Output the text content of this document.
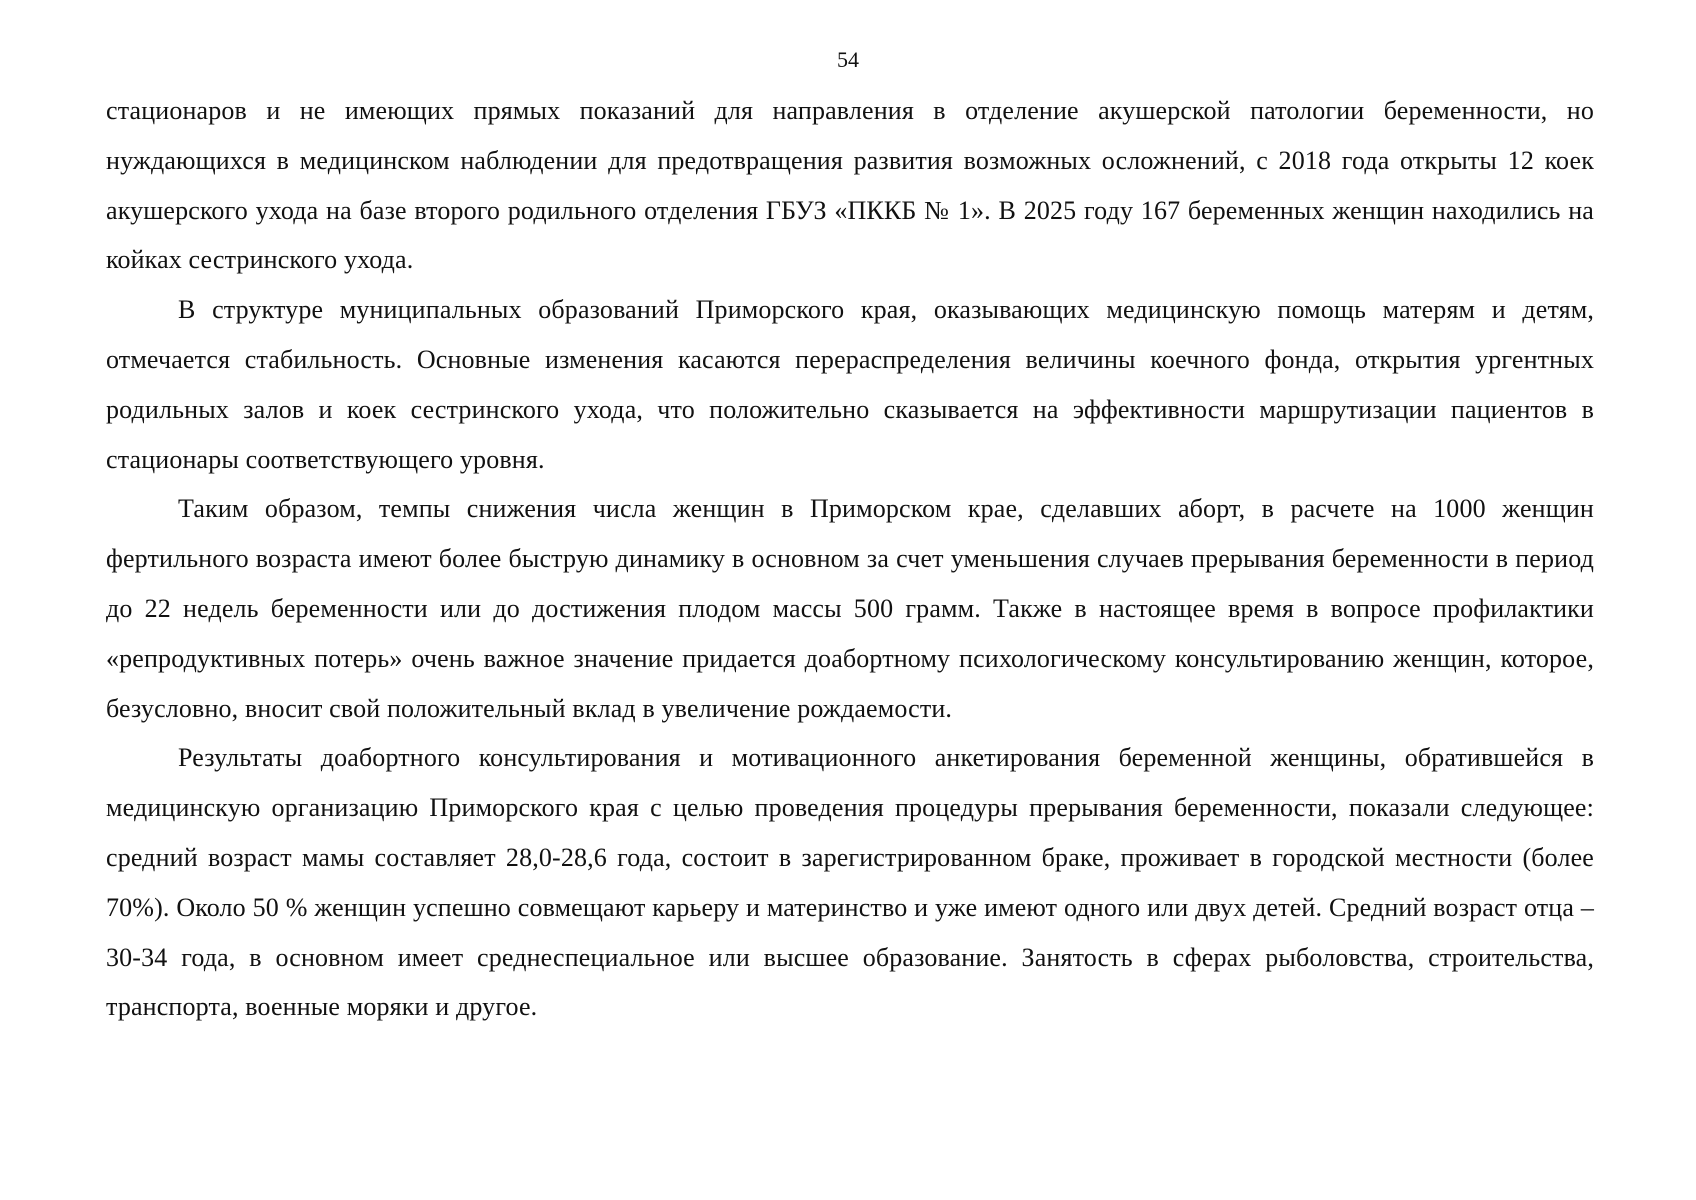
54

стационаров и не имеющих прямых показаний для направления в отделение акушерской патологии беременности, но нуждающихся в медицинском наблюдении для предотвращения развития возможных осложнений, с 2018 года открыты 12 коек акушерского ухода на базе второго родильного отделения ГБУЗ «ПККБ № 1». В 2025 году 167 беременных женщин находились на койках сестринского ухода.

В структуре муниципальных образований Приморского края, оказывающих медицинскую помощь матерям и детям, отмечается стабильность. Основные изменения касаются перераспределения величины коечного фонда, открытия ургентных родильных залов и коек сестринского ухода, что положительно сказывается на эффективности маршрутизации пациентов в стационары соответствующего уровня.

Таким образом, темпы снижения числа женщин в Приморском крае, сделавших аборт, в расчете на 1000 женщин фертильного возраста имеют более быструю динамику в основном за счет уменьшения случаев прерывания беременности в период до 22 недель беременности или до достижения плодом массы 500 грамм. Также в настоящее время в вопросе профилактики «репродуктивных потерь» очень важное значение придается доабортному психологическому консультированию женщин, которое, безусловно, вносит свой положительный вклад в увеличение рождаемости.

Результаты доабортного консультирования и мотивационного анкетирования беременной женщины, обратившейся в медицинскую организацию Приморского края с целью проведения процедуры прерывания беременности, показали следующее: средний возраст мамы составляет 28,0-28,6 года, состоит в зарегистрированном браке, проживает в городской местности (более 70%). Около 50 % женщин успешно совмещают карьеру и материнство и уже имеют одного или двух детей. Средний возраст отца – 30-34 года, в основном имеет среднеспециальное или высшее образование. Занятость в сферах рыболовства, строительства, транспорта, военные моряки и другое.
